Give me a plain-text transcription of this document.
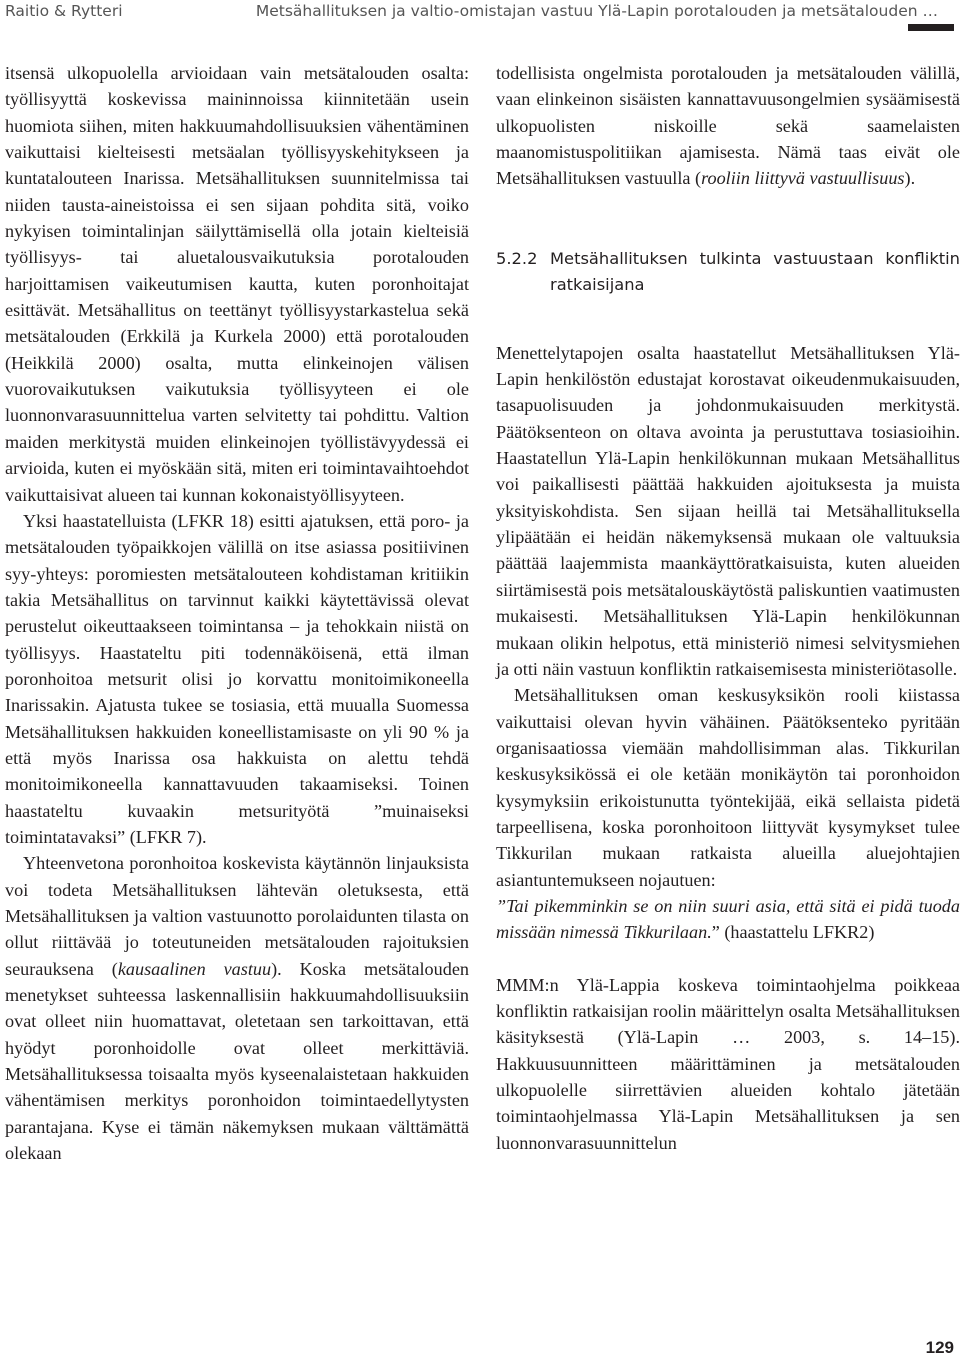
Raitio & Rytteri	Metsähallituksen ja valtio-omistajan vastuu Ylä-Lapin porotalouden ja metsätalouden …

itsensä ulkopuolella arvioidaan vain metsätalouden osalta: työllisyyttä koskevissa maininnoissa kiinnitetään usein huomiota siihen, miten hakkuumahdollisuuksien vähentäminen vaikuttaisi kielteisesti metsäalan työllisyyskehitykseen ja kuntatalouteen Inarissa. Metsähallituksen suunnitelmissa tai niiden tausta-aineistoissa ei sen sijaan pohdita sitä, voiko nykyisen toimintalinjan säilyttämisellä olla jotain kielteisiä työllisyys- tai aluetalousvaikutuksia porotalouden harjoittamisen vaikeutumisen kautta, kuten poronhoitajat esittävät. Metsähallitus on teettänyt työllisyystarkastelua sekä metsätalouden (Erkkilä ja Kurkela 2000) että porotalouden (Heikkilä 2000) osalta, mutta elinkeinojen välisen vuorovaikutuksen vaikutuksia työllisyyteen ei ole luonnonvarasuunnittelua varten selvitetty tai pohdittu. Valtion maiden merkitystä muiden elinkeinojen työllistävyydessä ei arvioida, kuten ei myöskään sitä, miten eri toimintavaihtoehdot vaikuttaisivat alueen tai kunnan kokonaistyöllisyyteen.

Yksi haastatelluista (LFKR 18) esitti ajatuksen, että poro- ja metsätalouden työpaikkojen välillä on itse asiassa positiivinen syy-yhteys: poromiesten metsätalouteen kohdistaman kritiikin takia Metsähallitus on tarvinnut kaikki käytettävissä olevat perustelut oikeuttaakseen toimintansa – ja tehokkain niistä on työllisyys. Haastateltu piti todennäköisenä, että ilman poronhoitoa metsurit olisi jo korvattu monitoimikoneella Inarissakin. Ajatusta tukee se tosiasia, että muualla Suomessa Metsähallituksen hakkuiden koneellistamisaste on yli 90 % ja että myös Inarissa osa hakkuista on alettu tehdä monitoimikoneella kannattavuuden takaamiseksi. Toinen haastateltu kuvaakin metsurityötä ”muinaiseksi toimintatavaksi” (LFKR 7).

Yhteenvetona poronhoitoa koskevista käytännön linjauksista voi todeta Metsähallituksen lähtevän oletuksesta, että Metsähallituksen ja valtion vastuunotto porolaidunten tilasta on ollut riittävää jo toteutuneiden metsätalouden rajoituksien seurauksena (kausaalinen vastuu). Koska metsätalouden menetykset suhteessa laskennallisiin hakkuumahdollisuuksiin ovat olleet niin huomattavat, oletetaan sen tarkoittavan, että hyödyt poronhoidolle ovat olleet merkittäviä. Metsähallituksessa toisaalta myös kyseenalaistetaan hakkuiden vähentämisen merkitys poronhoidon toimintaedellytysten parantajana. Kyse ei tämän näkemyksen mukaan välttämättä olekaan

todellisista ongelmista porotalouden ja metsätalouden välillä, vaan elinkeinon sisäisten kannattavuusongelmien sysäämisestä ulkopuolisten niskoille sekä saamelaisten maanomistuspolitiikan ajamisesta. Nämä taas eivät ole Metsähallituksen vastuulla (rooliin liittyvä vastuullisuus).

5.2.2 Metsähallituksen tulkinta vastuustaan konfliktin ratkaisijana

Menettelytapojen osalta haastatellut Metsähallituksen Ylä-Lapin henkilöstön edustajat korostavat oikeudenmukaisuuden, tasapuolisuuden ja johdonmukaisuuden merkitystä. Päätöksenteon on oltava avointa ja perustuttava tosiasioihin. Haastatellun Ylä-Lapin henkilökunnan mukaan Metsähallitus voi paikallisesti päättää hakkuiden ajoituksesta ja muista yksityiskohdista. Sen sijaan heillä tai Metsähallituksella ylipäätään ei heidän näkemyksensä mukaan ole valtuuksia päättää laajemmista maankäyttöratkaisuista, kuten alueiden siirtämisestä pois metsätalouskäytöstä paliskuntien vaatimusten mukaisesti. Metsähallituksen Ylä-Lapin henkilökunnan mukaan olikin helpotus, että ministeriö nimesi selvitysmiehen ja otti näin vastuun konfliktin ratkaisemisesta ministeriötasolle.

Metsähallituksen oman keskusyksikön rooli kiistassa vaikuttaisi olevan hyvin vähäinen. Päätöksenteko pyritään organisaatiossa viemään mahdollisimman alas. Tikkurilan keskusyksikössä ei ole ketään monikäytön tai poronhoidon kysymyksiin erikoistunutta työntekijää, eikä sellaista pidetä tarpeellisena, koska poronhoitoon liittyvät kysymykset tulee Tikkurilan mukaan ratkaista alueilla aluejohtajien asiantuntemukseen nojautuen:

”Tai pikemminkin se on niin suuri asia, että sitä ei pidä tuoda missään nimessä Tikkurilaan.” (haastattelu LFKR2)

MMM:n Ylä-Lappia koskeva toimintaohjelma poikkeaa konfliktin ratkaisijan roolin määrittelyn osalta Metsähallituksen käsityksestä (Ylä-Lapin … 2003, s. 14–15). Hakkuusuunnitteen määrittäminen ja metsätalouden ulkopuolelle siirrettävien alueiden kohtalo jätetään toimintaohjelmassa Ylä-Lapin Metsähallituksen ja sen luonnonvarasuunnittelun

129
